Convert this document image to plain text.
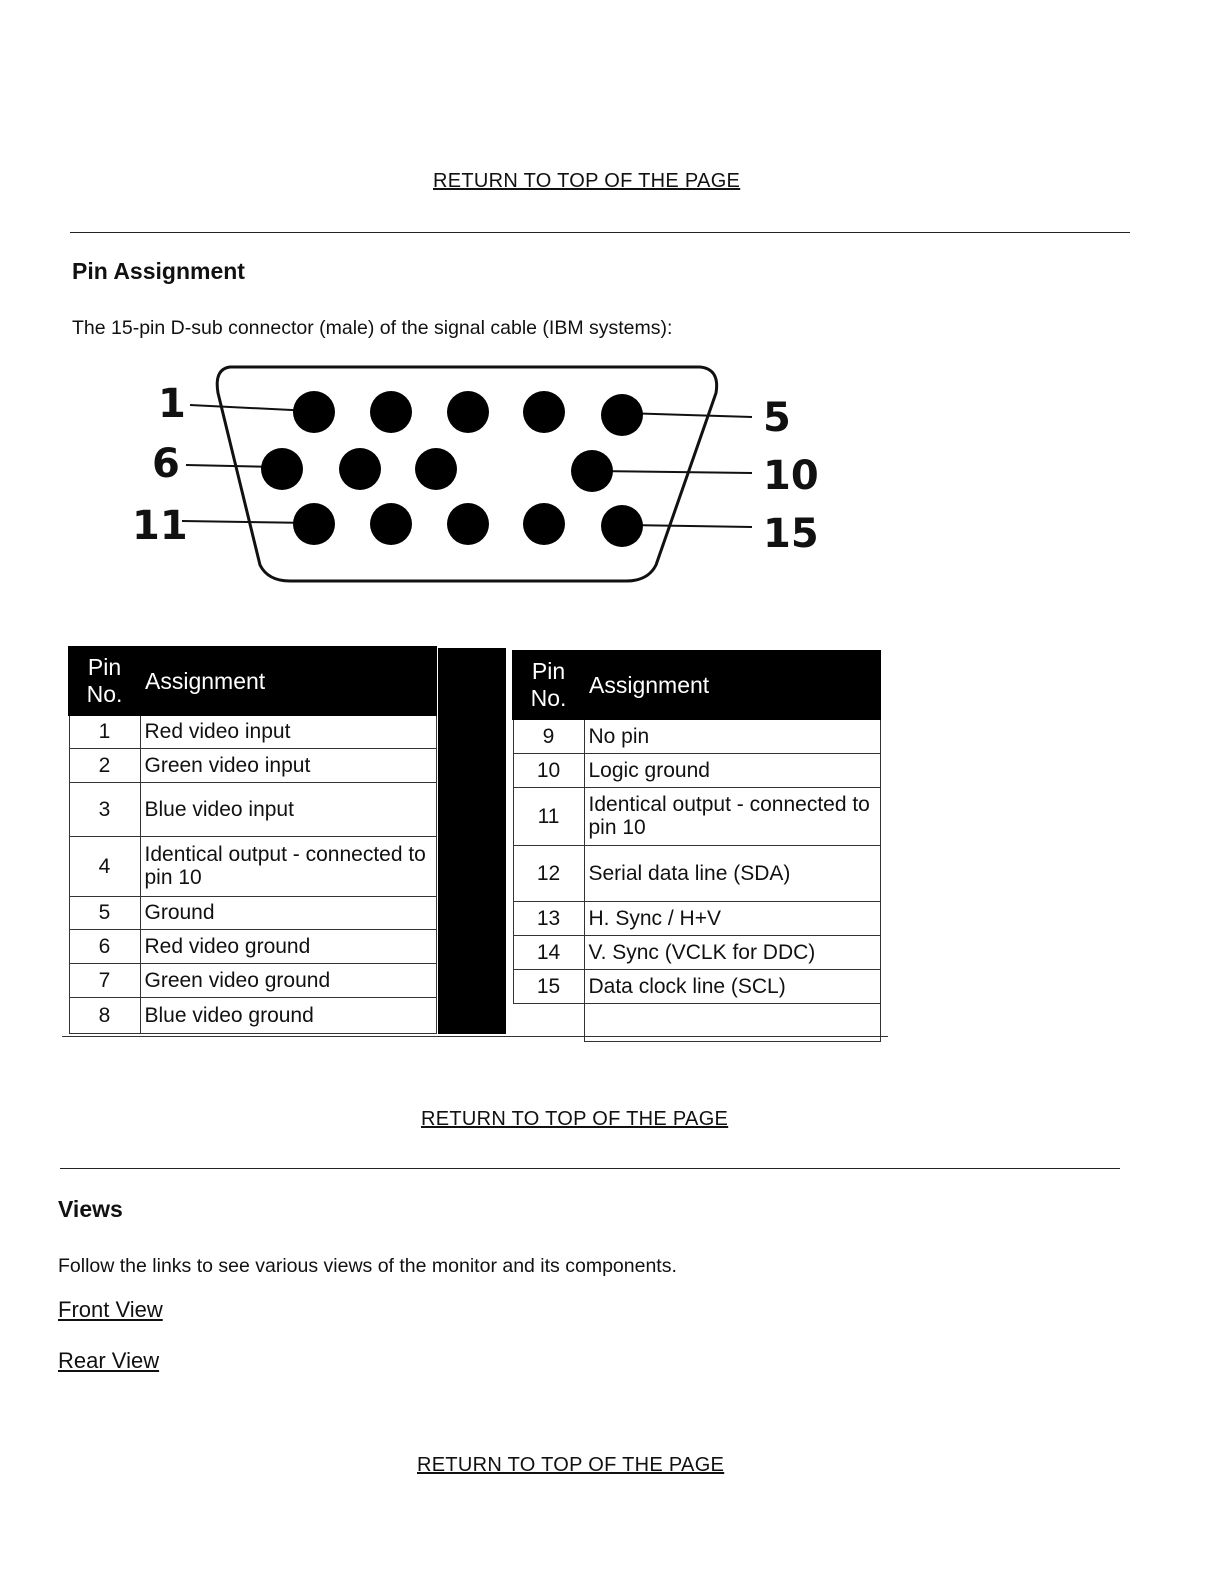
RETURN TO TOP OF THE PAGE
Pin Assignment

The 15-pin D-sub connector (male) of the signal cable (IBM systems):

1
6
11
5
10
15
Pin No.	Assignment
1	Red video input
2	Green video input
3	Blue video input
4	Identical output - connected to pin 10
5	Ground
6	Red video ground
7	Green video ground
8	Blue video ground
Pin No.	Assignment
9	No pin
10	Logic ground
11	Identical output - connected to pin 10
12	Serial data line (SDA)
13	H. Sync / H+V
14	V. Sync (VCLK for DDC)
15	Data clock line (SCL)

RETURN TO TOP OF THE PAGE
Views

Follow the links to see various views of the monitor and its components.

Front View
Rear View
RETURN TO TOP OF THE PAGE
